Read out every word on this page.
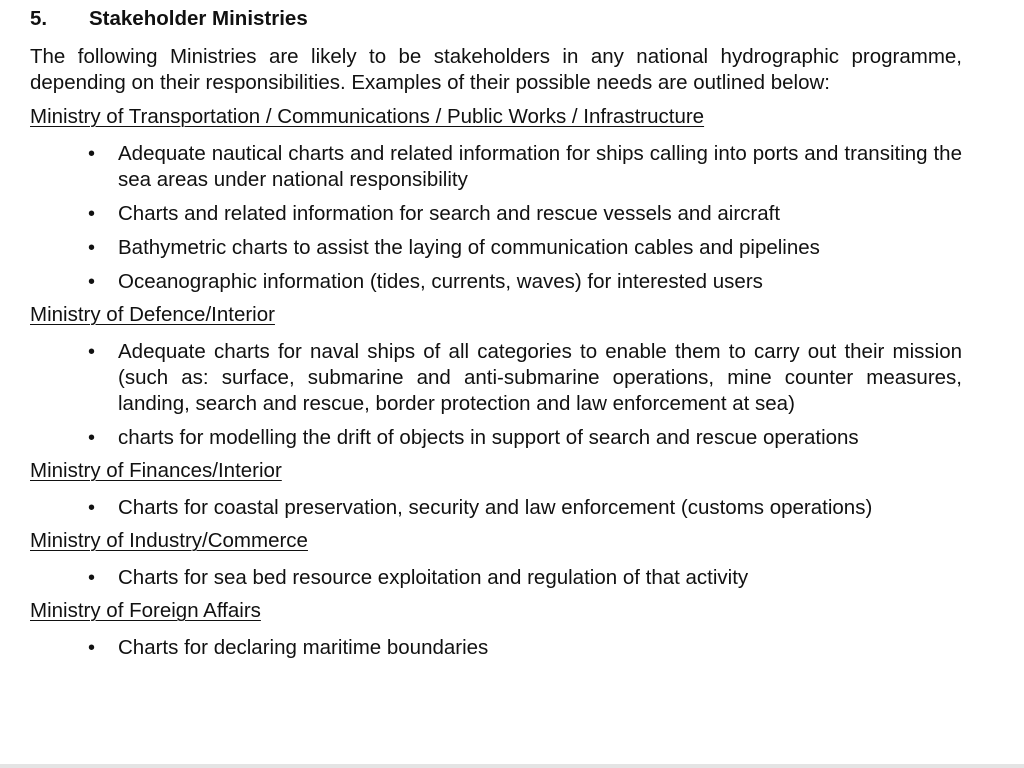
5.	Stakeholder Ministries

The following Ministries are likely to be stakeholders in any national hydrographic programme, depending on their responsibilities. Examples of their possible needs are outlined below:

Ministry of Transportation / Communications / Public Works / Infrastructure
• Adequate nautical charts and related information for ships calling into ports and transiting the sea areas under national responsibility
• Charts and related information for search and rescue vessels and aircraft
• Bathymetric charts to assist the laying of communication cables and pipelines
• Oceanographic information (tides, currents, waves) for interested users
Ministry of Defence/Interior
• Adequate charts for naval ships of all categories to enable them to carry out their mission (such as: surface, submarine and anti-submarine operations, mine counter measures, landing, search and rescue, border protection and law enforcement at sea)
• charts for modelling the drift of objects in support of search and rescue operations
Ministry of Finances/Interior
• Charts for coastal preservation, security and law enforcement (customs operations)
Ministry of Industry/Commerce
• Charts for sea bed resource exploitation and regulation of that activity
Ministry of Foreign Affairs
• Charts for declaring maritime boundaries
